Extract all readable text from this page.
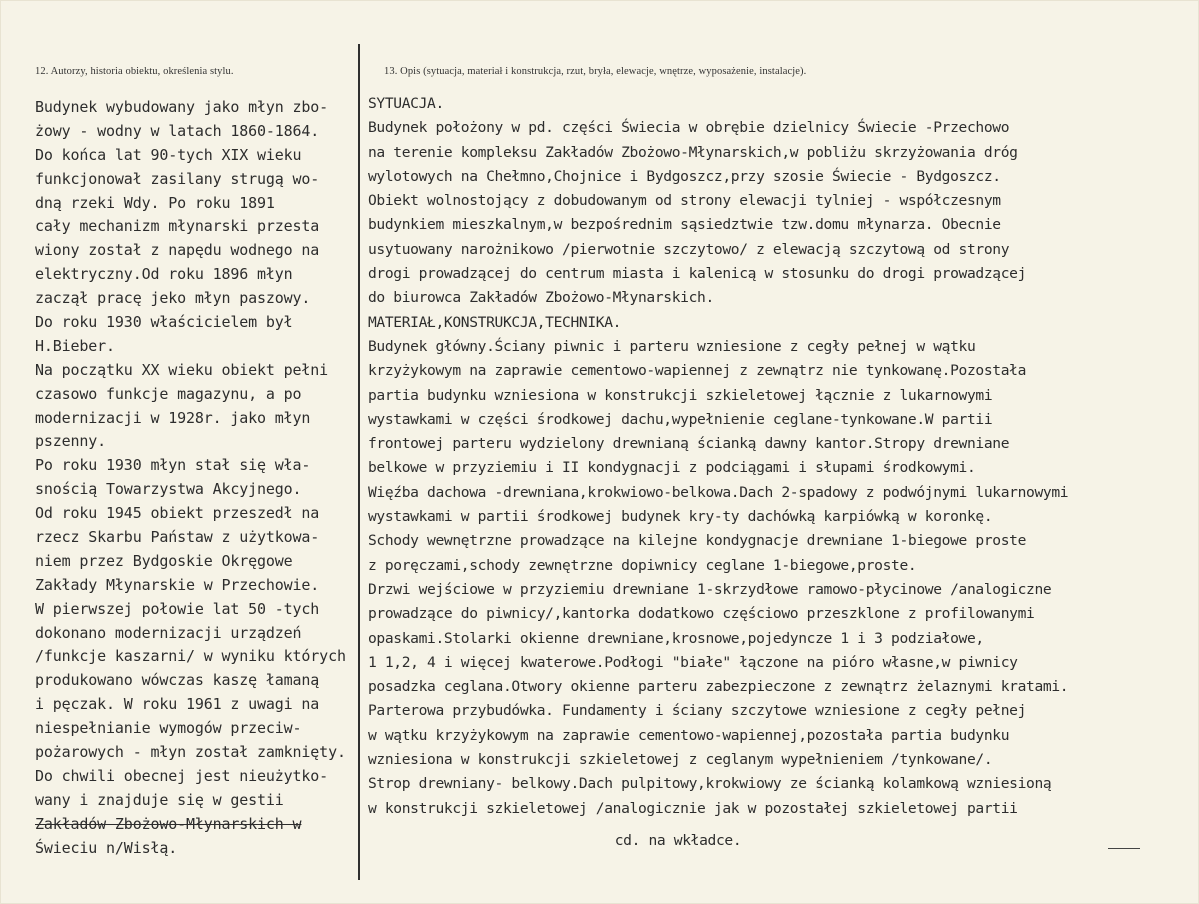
12. Autorzy, historia obiektu, określenia stylu.	13. Opis (sytuacja, materiał i konstrukcja, rzut, bryła, elewacje, wnętrze, wyposażenie, instalacje).
Budynek wybudowany jako młyn zbo-
żowy - wodny w latach 1860-1864.
Do końca lat 90-tych XIX wieku
funkcjonował zasilany strugą wo-
dną rzeki Wdy. Po roku 1891
cały mechanizm młynarski przesta
wiony został z napędu wodnego na
elektryczny.Od roku 1896 młyn
zaczął pracę jeko młyn paszowy.
Do roku 1930 właścicielem był
H.Bieber.
Na początku XX wieku obiekt pełni
czasowo funkcje magazynu, a po
modernizacji w 1928r. jako młyn
pszenny.
Po roku 1930 młyn stał się wła-
snością Towarzystwa Akcyjnego.
Od roku 1945 obiekt przeszedł na
rzecz Skarbu Państaw z użytkowa-
niem przez Bydgoskie Okręgowe
Zakłady Młynarskie w Przechowie.
W pierwszej połowie lat 50 -tych
dokonano modernizacji urządzeń
/funkcje kaszarni/ w wyniku których
produkowano wówczas kaszę łamaną
i pęczak. W roku 1961 z uwagi na
niespełnianie wymogów przeciw-
pożarowych - młyn został zamknięty.
Do chwili obecnej jest nieużytko-
wany i znajduje się w gestii
Zakładów Zbożowo-Młynarskich w
Świeciu n/Wisłą.
SYTUACJA.
Budynek położony w pd. części Świecia w obrębie dzielnicy Świecie -Przechowo
na terenie kompleksu Zakładów Zbożowo-Młynarskich,w pobliżu skrzyżowania dróg
wylotowych na Chełmno,Chojnice i Bydgoszcz,przy szosie Świecie - Bydgoszcz.
Obiekt wolnostojący z dobudowanym od strony elewacji tylniej - współczesnym
budynkiem mieszkalnym,w bezpośrednim sąsiedztwie tzw.domu młynarza. Obecnie
usytuowany narożnikowo /pierwotnie szczytowo/ z elewacją szczytową od strony
drogi prowadzącej do centrum miasta i kalenicą w stosunku do drogi prowadzącej
do biurowca Zakładów Zbożowo-Młynarskich.
MATERIAŁ,KONSTRUKCJA,TECHNIKA.
Budynek główny.Ściany piwnic i parteru wzniesione z cegły pełnej w wątku
krzyżykowym na zaprawie cementowo-wapiennej z zewnątrz nie tynkowanę.Pozostała
partia budynku wzniesiona w konstrukcji szkieletowej łącznie z lukarnowymi
wystawkami w części środkowej dachu,wypełnienie ceglane-tynkowane.W partii
frontowej parteru wydzielony drewnianą ścianką dawny kantor.Stropy drewniane
belkowe w przyziemiu i II kondygnacji z podciągami i słupami środkowymi.
Więźba dachowa -drewniana,krokwiowo-belkowa.Dach 2-spadowy z podwójnymi lukarnowymi
wystawkami w partii środkowej budynek kry-ty dachówką karpiówką w koronkę.
Schody wewnętrzne prowadzące na kilejne kondygnacje drewniane 1-biegowe proste
z poręczami,schody zewnętrzne dopiwnicy ceglane 1-biegowe,proste.
Drzwi wejściowe w przyziemiu drewniane 1-skrzydłowe ramowo-płycinowe /analogiczne
prowadzące do piwnicy/,kantorka dodatkowo częściowo przeszklone z profilowanymi
opaskami.Stolarki okienne drewniane,krosnowe,pojedyncze 1 i 3 podziałowe,
1 1,2, 4 i więcej kwaterowe.Podłogi "białe" łączone na pióro własne,w piwnicy
posadzka ceglana.Otwory okienne parteru zabezpieczone z zewnątrz żelaznymi kratami.
Parterowa przybudówka. Fundamenty i ściany szczytowe wzniesione z cegły pełnej
w wątku krzyżykowym na zaprawie cementowo-wapiennej,pozostała partia budynku
wzniesiona w konstrukcji szkieletowej z ceglanym wypełnieniem /tynkowane/.
Strop drewniany- belkowy.Dach pulpitowy,krokwiowy ze ścianką kolamkową wzniesioną
w konstrukcji szkieletowej /analogicznie jak w pozostałej szkieletowej partii
cd. na wkładce.
